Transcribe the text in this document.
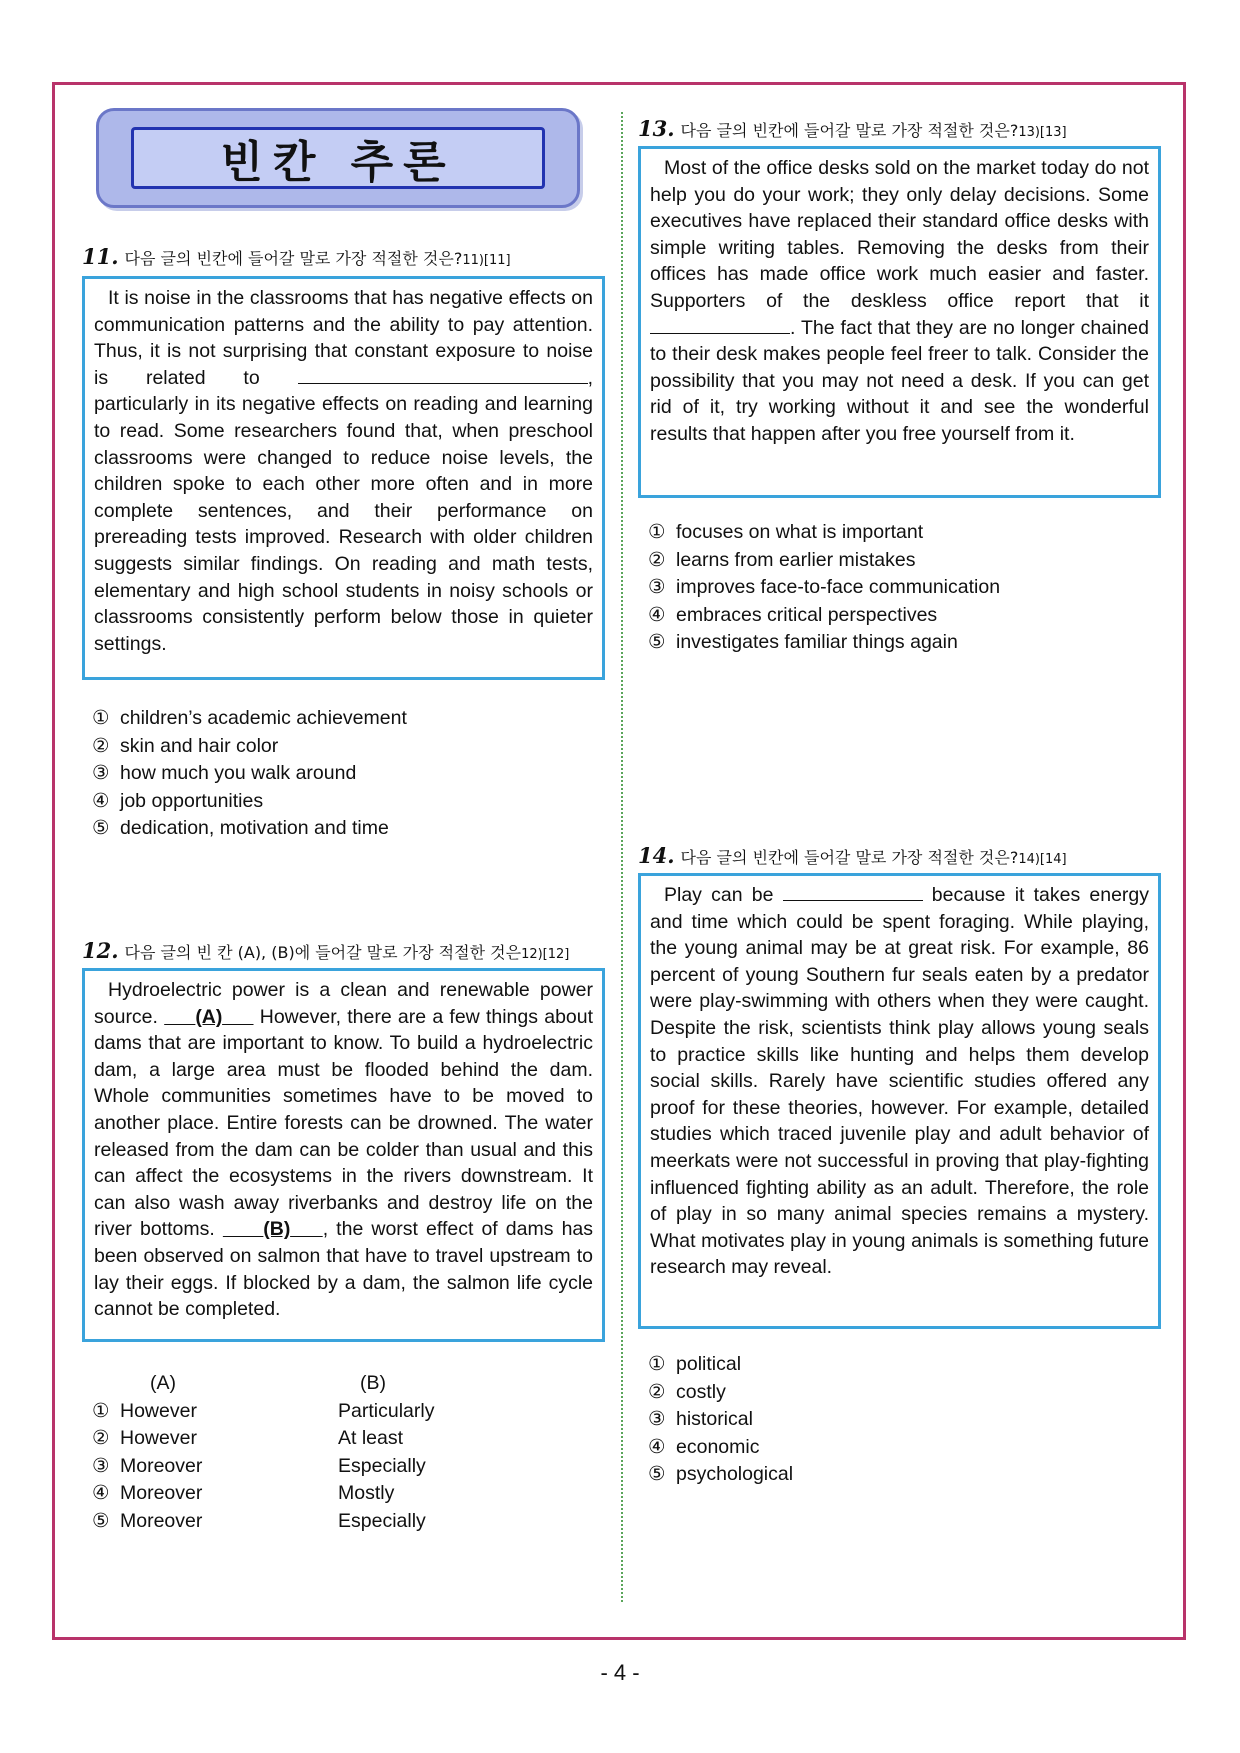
빈칸 추론
11. 다음 글의 빈칸에 들어갈 말로 가장 적절한 것은?11)[11]

It is noise in the classrooms that has negative effects on communication patterns and the ability to pay attention. Thus, it is not surprising that constant exposure to noise is related to	, particularly in its negative effects on reading and learning to read. Some researchers found that, when preschool classrooms were changed to reduce noise levels, the children spoke to each other more often and in more complete sentences, and their performance on prereading tests improved. Research with older children suggests similar findings. On reading and math tests, elementary and high school students in noisy schools or classrooms consistently perform below those in quieter settings.

① children’s academic achievement
② skin and hair color
③ how much you walk around
④ job opportunities
⑤ dedication, motivation and time
12. 다음 글의 빈 칸 (A), (B)에 들어갈 말로 가장 적절한 것은12)[12]

Hydroelectric power is a clean and renewable power source. (A) However, there are a few things about dams that are important to know. To build a hydroelectric dam, a large area must be flooded behind the dam. Whole communities sometimes have to be moved to another place. Entire forests can be drowned. The water released from the dam can be colder than usual and this can affect the ecosystems in the rivers downstream. It can also wash away riverbanks and destroy life on the river bottoms. (B) , the worst effect of dams has been observed on salmon that have to travel upstream to lay their eggs. If blocked by a dam, the salmon life cycle cannot be completed.

(A)	(B)
① However	Particularly
② However	At least
③ Moreover	Especially
④ Moreover	Mostly
⑤ Moreover	Especially
13. 다음 글의 빈칸에 들어갈 말로 가장 적절한 것은?13)[13]

Most of the office desks sold on the market today do not help you do your work; they only delay decisions. Some executives have replaced their standard office desks with simple writing tables. Removing the desks from their offices has made office work much easier and faster. Supporters of the deskless office report that it . The fact that they are no longer chained to their desk makes people feel freer to talk. Consider the possibility that you may not need a desk. If you can get rid of it, try working without it and see the wonderful results that happen after you free yourself from it.

① focuses on what is important
② learns from earlier mistakes
③ improves face-to-face communication
④ embraces critical perspectives
⑤ investigates familiar things again
14. 다음 글의 빈칸에 들어갈 말로 가장 적절한 것은?14)[14]

Play can be	because it takes energy and time which could be spent foraging. While playing, the young animal may be at great risk. For example, 86 percent of young Southern fur seals eaten by a predator were play-swimming with others when they were caught. Despite the risk, scientists think play allows young seals to practice skills like hunting and helps them develop social skills. Rarely have scientific studies offered any proof for these theories, however. For example, detailed studies which traced juvenile play and adult behavior of meerkats were not successful in proving that play-fighting influenced fighting ability as an adult. Therefore, the role of play in so many animal species remains a mystery. What motivates play in young animals is something future research may reveal.

① political
② costly
③ historical
④ economic
⑤ psychological
- 4 -
